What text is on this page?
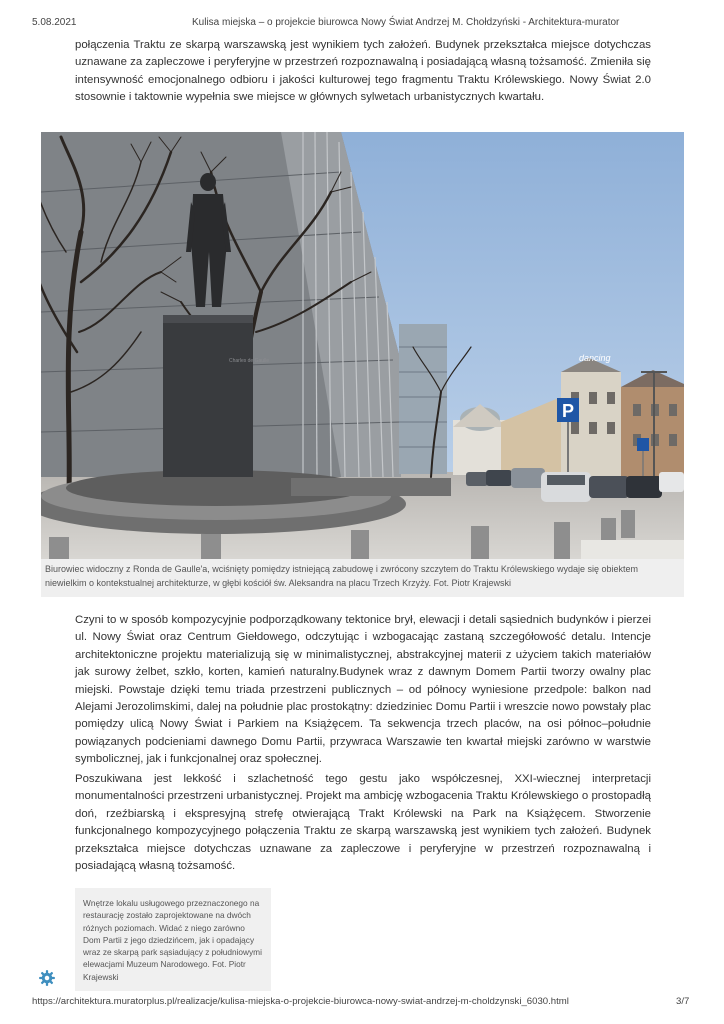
5.08.2021	Kulisa miejska – o projekcie biurowca Nowy Świat Andrzej M. Chołdzyński - Architektura-murator

połączenia Traktu ze skarpą warszawską jest wynikiem tych założeń. Budynek przekształca miejsce dotychczas uznawane za zapleczowe i peryferyjne w przestrzeń rozpoznawalną i posiadającą własną tożsamość. Zmieniła się intensywność emocjonalnego odbioru i jakości kulturowej tego fragmentu Traktu Królewskiego. Nowy Świat 2.0 stosownie i taktownie wypełnia swe miejsce w głównych sylwetach urbanistycznych kwartału.

dancing
P
Charles de Gaulle

Biurowiec widoczny z Ronda de Gaulle'a, wciśnięty pomiędzy istniejącą zabudowę i zwrócony szczytem do Traktu Królewskiego wydaje się obiektem niewielkim o kontekstualnej architekturze, w głębi kościół św. Aleksandra na placu Trzech Krzyży. Fot. Piotr Krajewski

Czyni to w sposób kompozycyjnie podporządkowany tektonice brył, elewacji i detali sąsiednich budynków i pierzei ul. Nowy Świat oraz Centrum Giełdowego, odczytując i wzbogacając zastaną szczegółowość detalu. Intencje architektoniczne projektu materializują się w minimalistycznej, abstrakcyjnej materii z użyciem takich materiałów jak surowy żelbet, szkło, korten, kamień naturalny.Budynek wraz z dawnym Domem Partii tworzy owalny plac miejski. Powstaje dzięki temu triada przestrzeni publicznych – od północy wyniesione przedpole: balkon nad Alejami Jerozolimskimi, dalej na południe plac prostokątny: dziedziniec Domu Partii i wreszcie nowo powstały plac pomiędzy ulicą Nowy Świat i Parkiem na Książęcem. Ta sekwencja trzech placów, na osi północ–południe powiązanych podcieniami dawnego Domu Partii, przywraca Warszawie ten kwartał miejski zarówno w warstwie symbolicznej, jak i funkcjonalnej oraz społecznej.

Poszukiwana jest lekkość i szlachetność tego gestu jako współczesnej, XXI-wiecznej interpretacji monumentalności przestrzeni urbanistycznej. Projekt ma ambicję wzbogacenia Traktu Królewskiego o prostopadłą doń, rzeźbiarską i ekspresyjną strefę otwierającą Trakt Królewski na Park na Książęcem. Stworzenie funkcjonalnego kompozycyjnego połączenia Traktu ze skarpą warszawską jest wynikiem tych założeń. Budynek przekształca miejsce dotychczas uznawane za zapleczowe i peryferyjne w przestrzeń rozpoznawalną i posiadającą własną tożsamość.

Wnętrze lokalu usługowego przeznaczonego na restaurację zostało zaprojektowane na dwóch różnych poziomach. Widać z niego zarówno Dom Partii z jego dziedzińcem, jak i opadający wraz ze skarpą park sąsiadujący z południowymi elewacjami Muzeum Narodowego. Fot. Piotr Krajewski

https://architektura.muratorplus.pl/realizacje/kulisa-miejska-o-projekcie-biurowca-nowy-swiat-andrzej-m-choldzynski_6030.html	3/7
